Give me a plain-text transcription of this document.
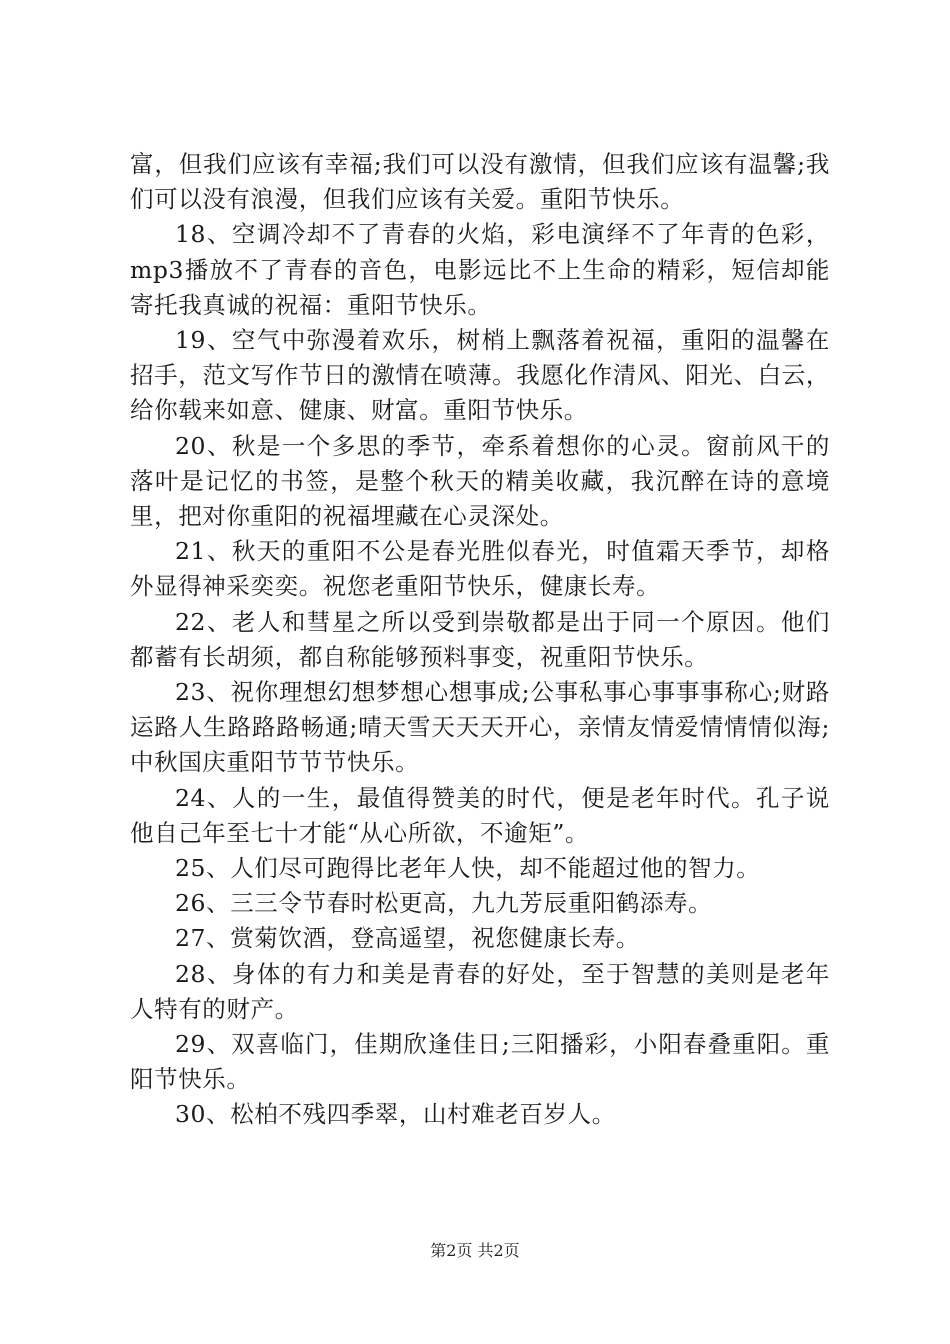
富，但我们应该有幸福;我们可以没有激情，但我们应该有温馨;我们可以没有浪漫，但我们应该有关爱。重阳节快乐。

18、空调冷却不了青春的火焰，彩电演绎不了年青的色彩，mp3播放不了青春的音色，电影远比不上生命的精彩，短信却能寄托我真诚的祝福：重阳节快乐。

19、空气中弥漫着欢乐，树梢上飘落着祝福，重阳的温馨在招手，范文写作节日的激情在喷薄。我愿化作清风、阳光、白云，给你载来如意、健康、财富。重阳节快乐。

20、秋是一个多思的季节，牵系着想你的心灵。窗前风干的落叶是记忆的书签，是整个秋天的精美收藏，我沉醉在诗的意境里，把对你重阳的祝福埋藏在心灵深处。

21、秋天的重阳不公是春光胜似春光，时值霜天季节，却格外显得神采奕奕。祝您老重阳节快乐，健康长寿。

22、老人和彗星之所以受到崇敬都是出于同一个原因。他们都蓄有长胡须，都自称能够预料事变，祝重阳节快乐。

23、祝你理想幻想梦想心想事成;公事私事心事事事称心;财路运路人生路路路畅通;晴天雪天天天开心，亲情友情爱情情情似海;中秋国庆重阳节节节快乐。

24、人的一生，最值得赞美的时代，便是老年时代。孔子说他自己年至七十才能“从心所欲，不逾矩”。

25、人们尽可跑得比老年人快，却不能超过他的智力。

26、三三令节春时松更高，九九芳辰重阳鹤添寿。

27、赏菊饮酒，登高遥望，祝您健康长寿。

28、身体的有力和美是青春的好处，至于智慧的美则是老年人特有的财产。

29、双喜临门，佳期欣逢佳日;三阳播彩，小阳春叠重阳。重阳节快乐。

30、松柏不残四季翠，山村难老百岁人。

第2页 共2页
